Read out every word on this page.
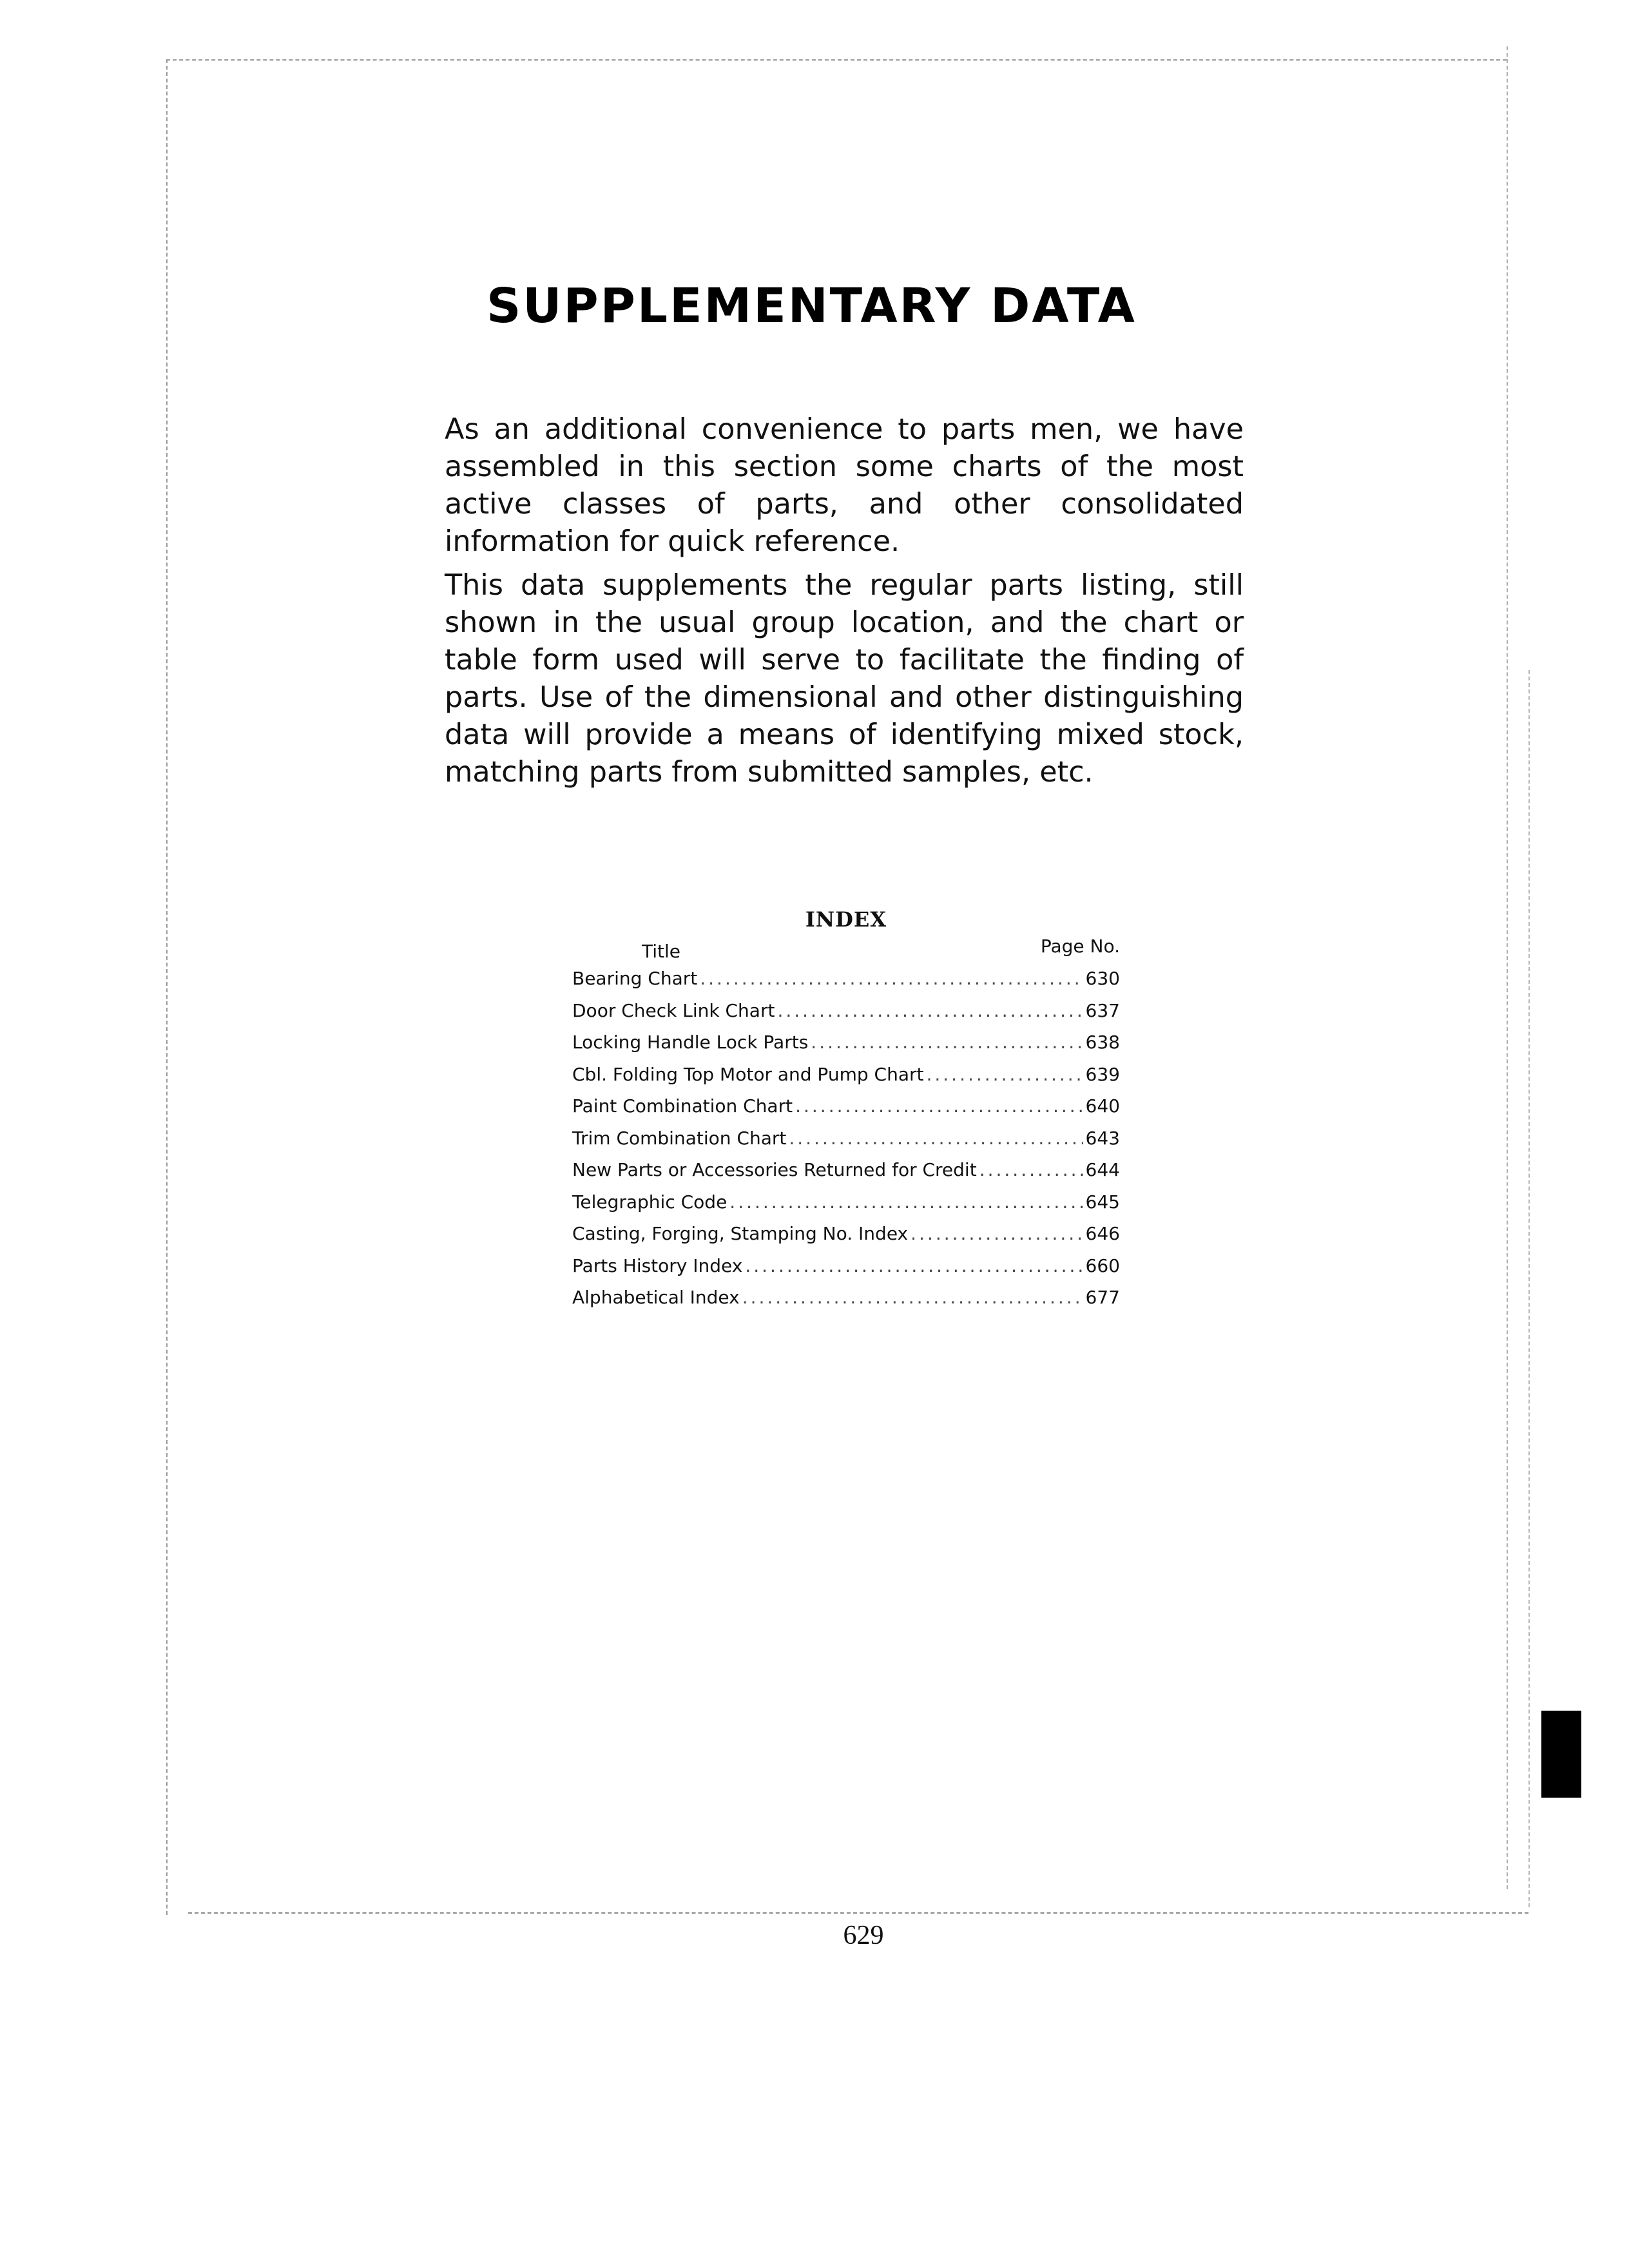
SUPPLEMENTARY DATA

As an additional convenience to parts men, we have assembled in this section some charts of the most active classes of parts, and other consolidated information for quick reference.

This data supplements the regular parts listing, still shown in the usual group location, and the chart or table form used will serve to facilitate the finding of parts. Use of the dimensional and other distinguishing data will provide a means of identifying mixed stock, matching parts from submitted samples, etc.

INDEX
Title	Page No.
Bearing Chart .....	630
Door Check Link Chart .....	637
Locking Handle Lock Parts .....	638
Cbl. Folding Top Motor and Pump Chart .....	639
Paint Combination Chart .....	640
Trim Combination Chart .....	643
New Parts or Accessories Returned for Credit .....	644
Telegraphic Code .....	645
Casting, Forging, Stamping No. Index .....	646
Parts History Index .....	660
Alphabetical Index .....	677
629
